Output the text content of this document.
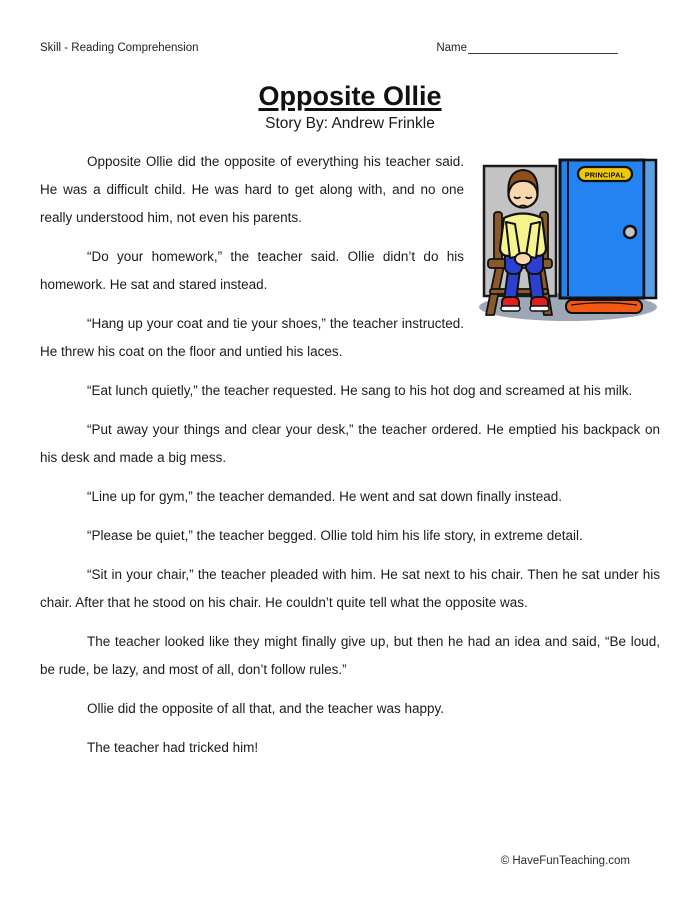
Skill - Reading Comprehension	Name
Opposite Ollie
Story By: Andrew Frinkle
PRINCIPAL

Opposite Ollie did the opposite of everything his teacher said. He was a difficult child. He was hard to get along with, and no one really understood him, not even his parents.

“Do your homework,” the teacher said. Ollie didn’t do his homework. He sat and stared instead.

“Hang up your coat and tie your shoes,” the teacher instructed. He threw his coat on the floor and untied his laces.

“Eat lunch quietly,” the teacher requested. He sang to his hot dog and screamed at his milk.

“Put away your things and clear your desk,” the teacher ordered. He emptied his backpack on his desk and made a big mess.

“Line up for gym,” the teacher demanded. He went and sat down finally instead.

“Please be quiet,” the teacher begged. Ollie told him his life story, in extreme detail.

“Sit in your chair,” the teacher pleaded with him. He sat next to his chair. Then he sat under his chair. After that he stood on his chair. He couldn’t quite tell what the opposite was.

The teacher looked like they might finally give up, but then he had an idea and said, “Be loud, be rude, be lazy, and most of all, don’t follow rules.”

Ollie did the opposite of all that, and the teacher was happy.

The teacher had tricked him!

© HaveFunTeaching.com
